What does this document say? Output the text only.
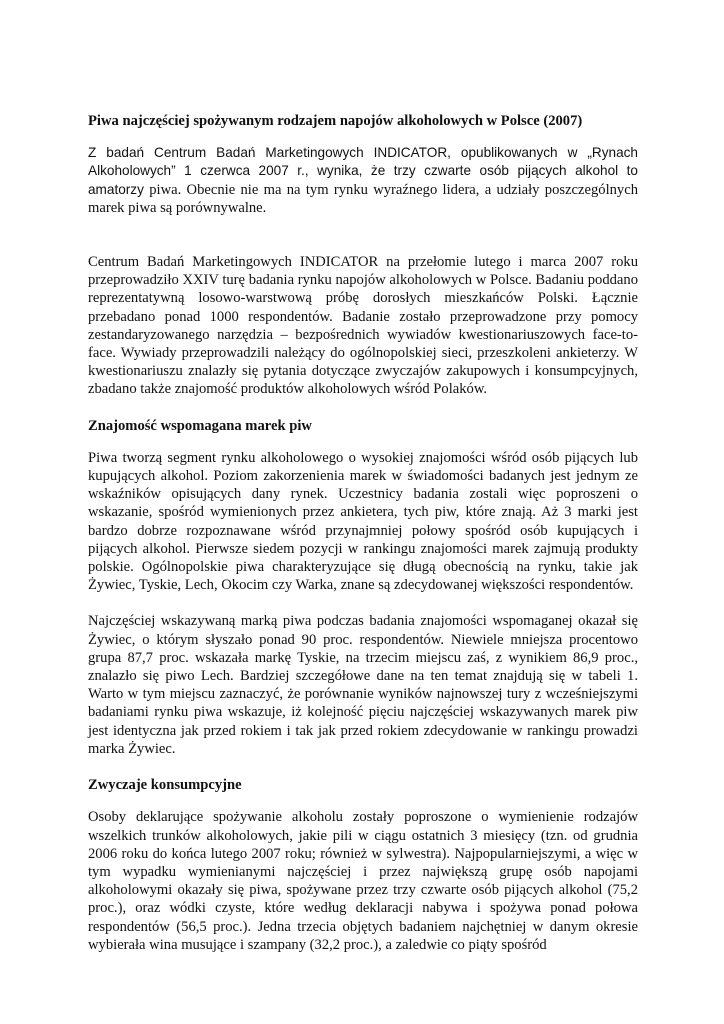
Piwa najczęściej spożywanym rodzajem napojów alkoholowych w Polsce (2007)

Z badań Centrum Badań Marketingowych INDICATOR, opublikowanych w „Rynach Alkoholowych” 1 czerwca 2007 r., wynika, że trzy czwarte osób pijących alkohol to amatorzy piwa. Obecnie nie ma na tym rynku wyraźnego lidera, a udziały poszczególnych marek piwa są porównywalne.

Centrum Badań Marketingowych INDICATOR na przełomie lutego i marca 2007 roku przeprowadziło XXIV turę badania rynku napojów alkoholowych w Polsce. Badaniu poddano reprezentatywną losowo-warstwową próbę dorosłych mieszkańców Polski. Łącznie przebadano ponad 1000 respondentów. Badanie zostało przeprowadzone przy pomocy zestandaryzowanego narzędzia – bezpośrednich wywiadów kwestionariuszowych face-to-face. Wywiady przeprowadzili należący do ogólnopolskiej sieci, przeszkoleni ankieterzy. W kwestionariuszu znalazły się pytania dotyczące zwyczajów zakupowych i konsumpcyjnych, zbadano także znajomość produktów alkoholowych wśród Polaków.

Znajomość wspomagana marek piw

Piwa tworzą segment rynku alkoholowego o wysokiej znajomości wśród osób pijących lub kupujących alkohol. Poziom zakorzenienia marek w świadomości badanych jest jednym ze wskaźników opisujących dany rynek. Uczestnicy badania zostali więc poproszeni o wskazanie, spośród wymienionych przez ankietera, tych piw, które znają. Aż 3 marki jest bardzo dobrze rozpoznawane wśród przynajmniej połowy spośród osób kupujących i pijących alkohol. Pierwsze siedem pozycji w rankingu znajomości marek zajmują produkty polskie. Ogólnopolskie piwa charakteryzujące się długą obecnością na rynku, takie jak Żywiec, Tyskie, Lech, Okocim czy Warka, znane są zdecydowanej większości respondentów.

Najczęściej wskazywaną marką piwa podczas badania znajomości wspomaganej okazał się Żywiec, o którym słyszało ponad 90 proc. respondentów. Niewiele mniejsza procentowo grupa 87,7 proc. wskazała markę Tyskie, na trzecim miejscu zaś, z wynikiem 86,9 proc., znalazło się piwo Lech. Bardziej szczegółowe dane na ten temat znajdują się w tabeli 1. Warto w tym miejscu zaznaczyć, że porównanie wyników najnowszej tury z wcześniejszymi badaniami rynku piwa wskazuje, iż kolejność pięciu najczęściej wskazywanych marek piw jest identyczna jak przed rokiem i tak jak przed rokiem zdecydowanie w rankingu prowadzi marka Żywiec.

Zwyczaje konsumpcyjne

Osoby deklarujące spożywanie alkoholu zostały poproszone o wymienienie rodzajów wszelkich trunków alkoholowych, jakie pili w ciągu ostatnich 3 miesięcy (tzn. od grudnia 2006 roku do końca lutego 2007 roku; również w sylwestra). Najpopularniejszymi, a więc w tym wypadku wymienianymi najczęściej i przez największą grupę osób napojami alkoholowymi okazały się piwa, spożywane przez trzy czwarte osób pijących alkohol (75,2 proc.), oraz wódki czyste, które według deklaracji nabywa i spożywa ponad połowa respondentów (56,5 proc.). Jedna trzecia objętych badaniem najchętniej w danym okresie wybierała wina musujące i szampany (32,2 proc.), a zaledwie co piąty spośród
